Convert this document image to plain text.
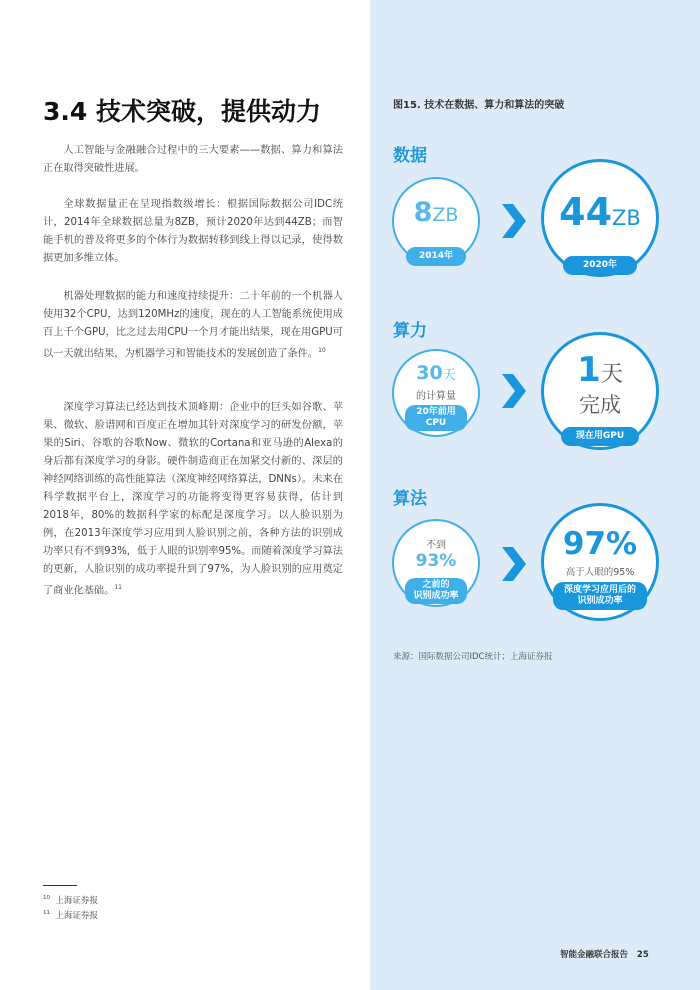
3.4 技术突破，提供动力

人工智能与金融融合过程中的三大要素——数据、算力和算法正在取得突破性进展。

全球数据量正在呈现指数级增长：根据国际数据公司IDC统计，2014年全球数据总量为8ZB，预计2020年达到44ZB；而智能手机的普及将更多的个体行为数据转移到线上得以记录，使得数据更加多维立体。

机器处理数据的能力和速度持续提升：二十年前的一个机器人使用32个CPU，达到120MHz的速度，现在的人工智能系统使用成百上千个GPU，比之过去用CPU一个月才能出结果，现在用GPU可以一天就出结果，为机器学习和智能技术的发展创造了条件。$^{10}$

深度学习算法已经达到技术顶峰期：企业中的巨头如谷歌、苹果、微软、脸谱网和百度正在增加其针对深度学习的研发份额，苹果的Siri、谷歌的谷歌Now、微软的Cortana和亚马逊的Alexa的身后都有深度学习的身影。硬件制造商正在加紧交付新的、深层的神经网络训练的高性能算法（深度神经网络算法，DNNs）。未来在科学数据平台上，深度学习的功能将变得更容易获得，估计到2018年，80%的数据科学家的标配是深度学习。以人脸识别为例，在2013年深度学习应用到人脸识别之前，各种方法的识别成功率只有不到93%，低于人眼的识别率95%。而随着深度学习算法的更新，人脸识别的成功率提升到了97%，为人脸识别的应用奠定了商业化基础。$^{11}$

$^{10}$ 上海证券报
$^{11}$ 上海证券报
图15. 技术在数据、算力和算法的突破
数据
8ZB
2014年
44ZB
2020年
算力
30天
的计算量
20年前用
CPU
1天
完成
现在用GPU
算法
不到
93%
之前的
识别成功率
97%
高于人眼的95%
深度学习应用后的
识别成功率
来源：国际数据公司IDC统计；上海证券报
智能金融联合报告 25
